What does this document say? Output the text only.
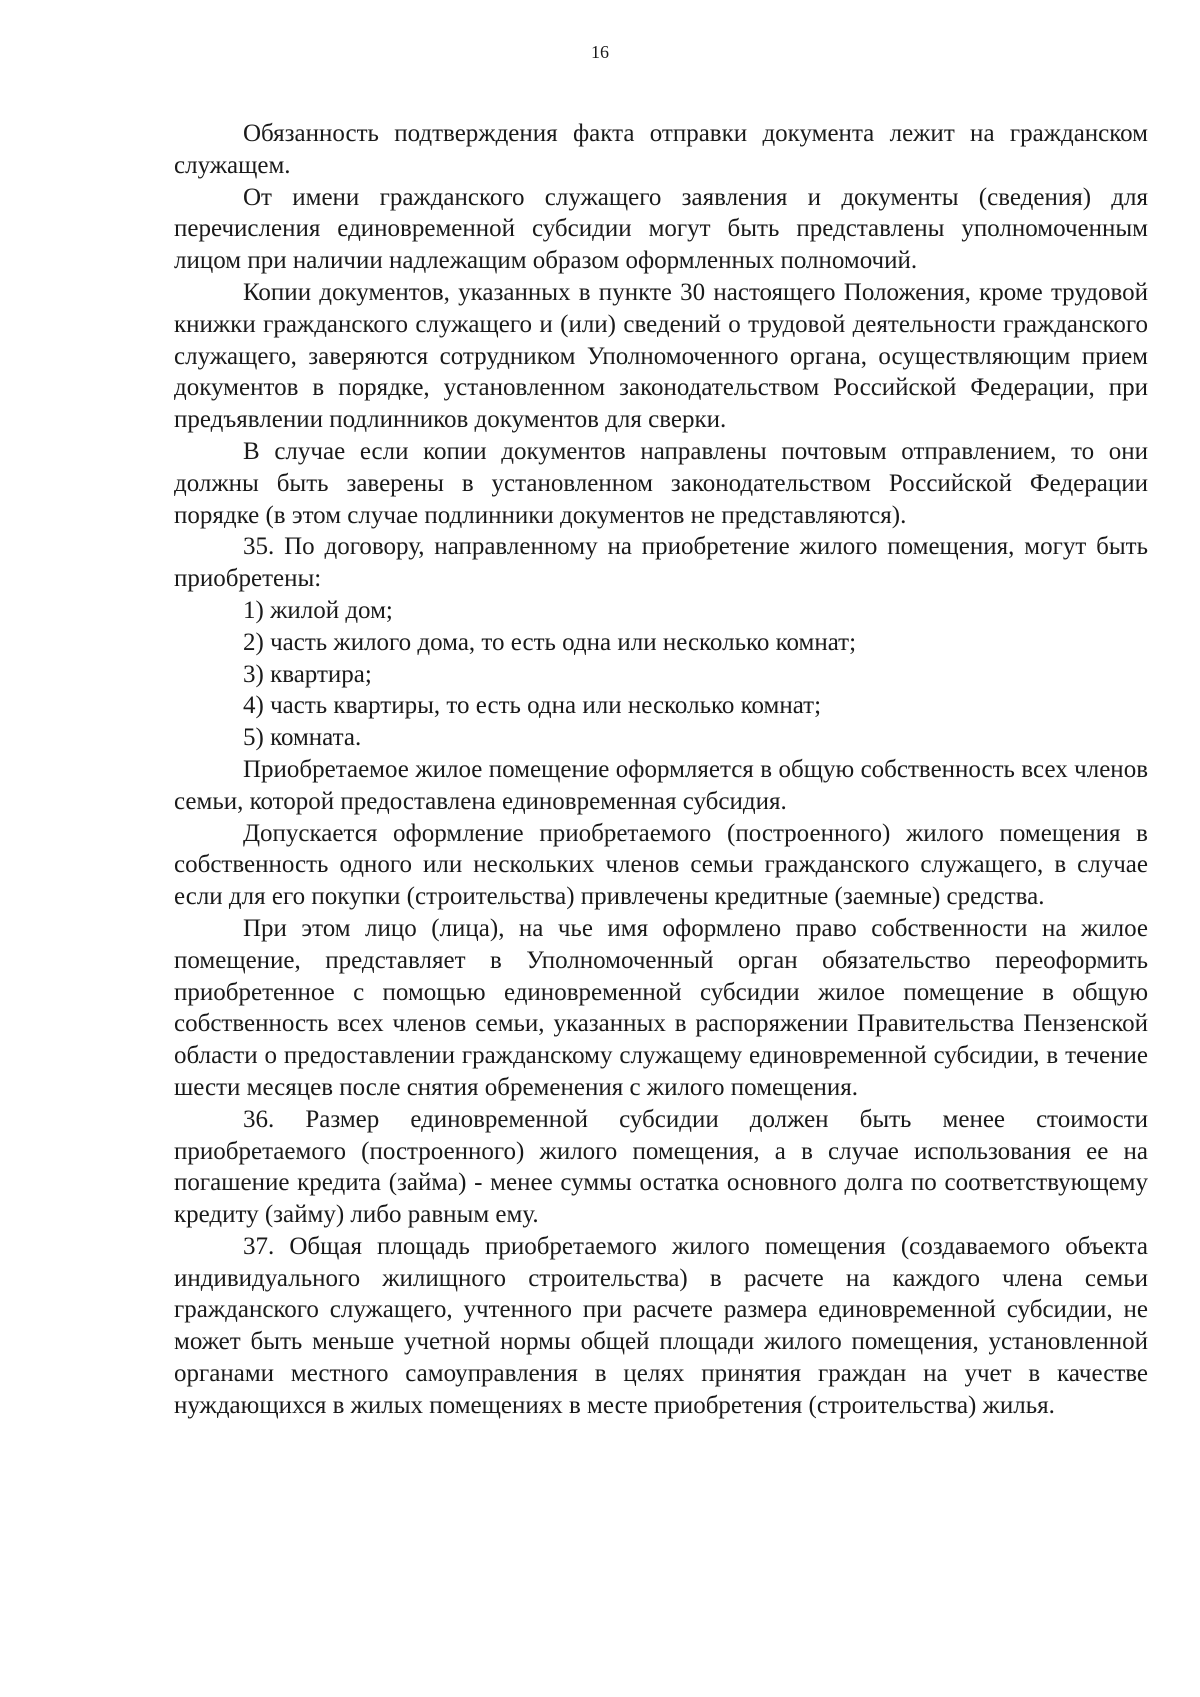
16

Обязанность подтверждения факта отправки документа лежит на гражданском служащем.

От имени гражданского служащего заявления и документы (сведения) для перечисления единовременной субсидии могут быть представлены уполномоченным лицом при наличии надлежащим образом оформленных полномочий.

Копии документов, указанных в пункте 30 настоящего Положения, кроме трудовой книжки гражданского служащего и (или) сведений о трудовой деятельности гражданского служащего, заверяются сотрудником Уполномоченного органа, осуществляющим прием документов в порядке, установленном законодательством Российской Федерации, при предъявлении подлинников документов для сверки.

В случае если копии документов направлены почтовым отправлением, то они должны быть заверены в установленном законодательством Российской Федерации порядке (в этом случае подлинники документов не представляются).

35. По договору, направленному на приобретение жилого помещения, могут быть приобретены:

1) жилой дом;

2) часть жилого дома, то есть одна или несколько комнат;

3) квартира;

4) часть квартиры, то есть одна или несколько комнат;

5) комната.

Приобретаемое жилое помещение оформляется в общую собственность всех членов семьи, которой предоставлена единовременная субсидия.

Допускается оформление приобретаемого (построенного) жилого помещения в собственность одного или нескольких членов семьи гражданского служащего, в случае если для его покупки (строительства) привлечены кредитные (заемные) средства.

При этом лицо (лица), на чье имя оформлено право собственности на жилое помещение, представляет в Уполномоченный орган обязательство переоформить приобретенное с помощью единовременной субсидии жилое помещение в общую собственность всех членов семьи, указанных в распоряжении Правительства Пензенской области о предоставлении гражданскому служащему единовременной субсидии, в течение шести месяцев после снятия обременения с жилого помещения.

36. Размер единовременной субсидии должен быть менее стоимости приобретаемого (построенного) жилого помещения, а в случае использования ее на погашение кредита (займа) - менее суммы остатка основного долга по соответствующему кредиту (займу) либо равным ему.

37. Общая площадь приобретаемого жилого помещения (создаваемого объекта индивидуального жилищного строительства) в расчете на каждого члена семьи гражданского служащего, учтенного при расчете размера единовременной субсидии, не может быть меньше учетной нормы общей площади жилого помещения, установленной органами местного самоуправления в целях принятия граждан на учет в качестве нуждающихся в жилых помещениях в месте приобретения (строительства) жилья.
